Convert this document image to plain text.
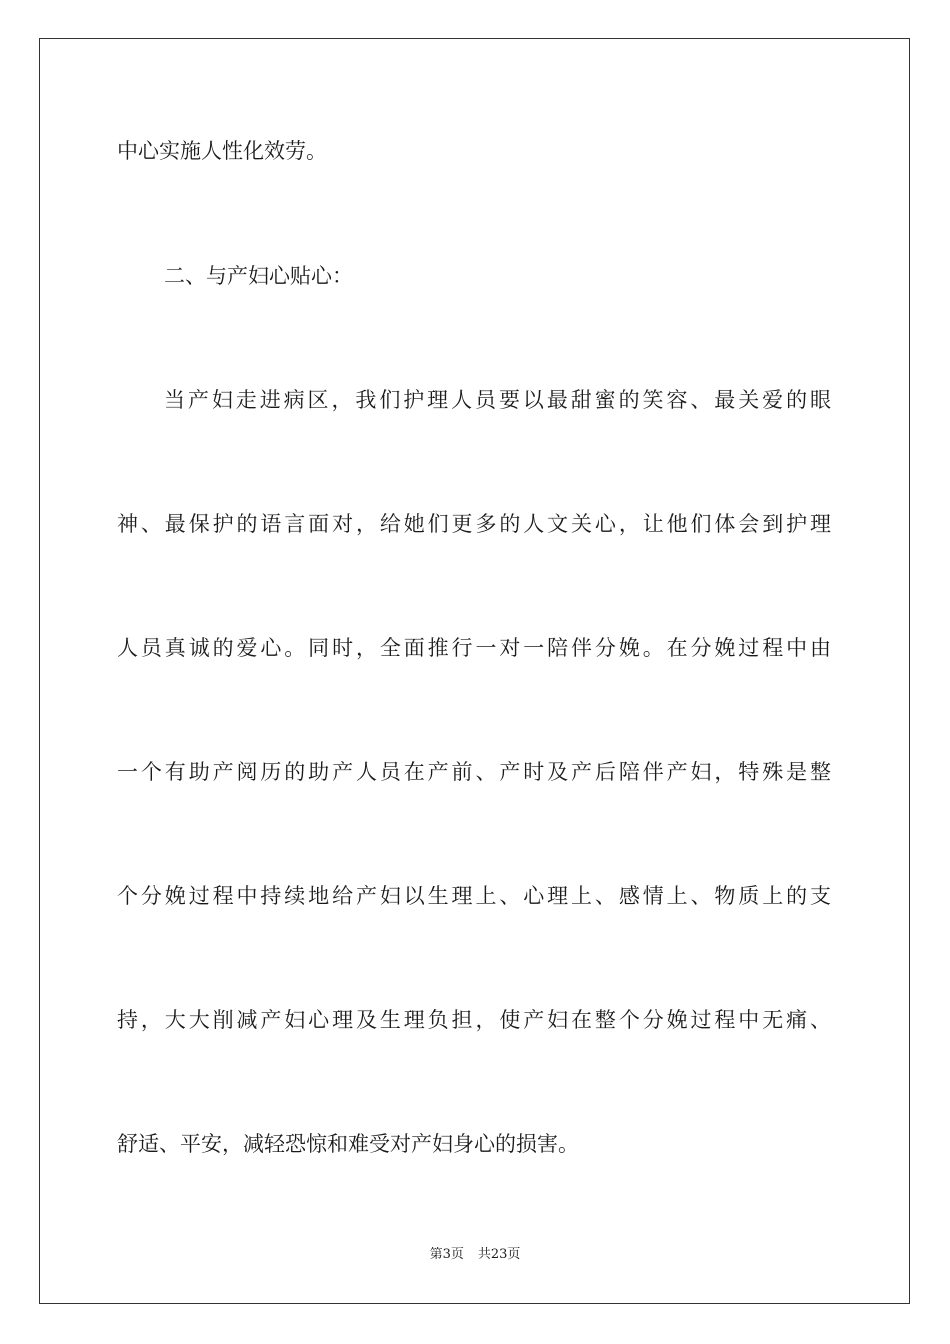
中心实施人性化效劳。
二、与产妇心贴心：
当产妇走进病区，我们护理人员要以最甜蜜的笑容、最关爱的眼
神、最保护的语言面对，给她们更多的人文关心，让他们体会到护理
人员真诚的爱心。同时，全面推行一对一陪伴分娩。在分娩过程中由
一个有助产阅历的助产人员在产前、产时及产后陪伴产妇，特殊是整
个分娩过程中持续地给产妇以生理上、心理上、感情上、物质上的支
持，大大削减产妇心理及生理负担，使产妇在整个分娩过程中无痛、
舒适、平安，减轻恐惊和难受对产妇身心的损害。
第3页 共23页
